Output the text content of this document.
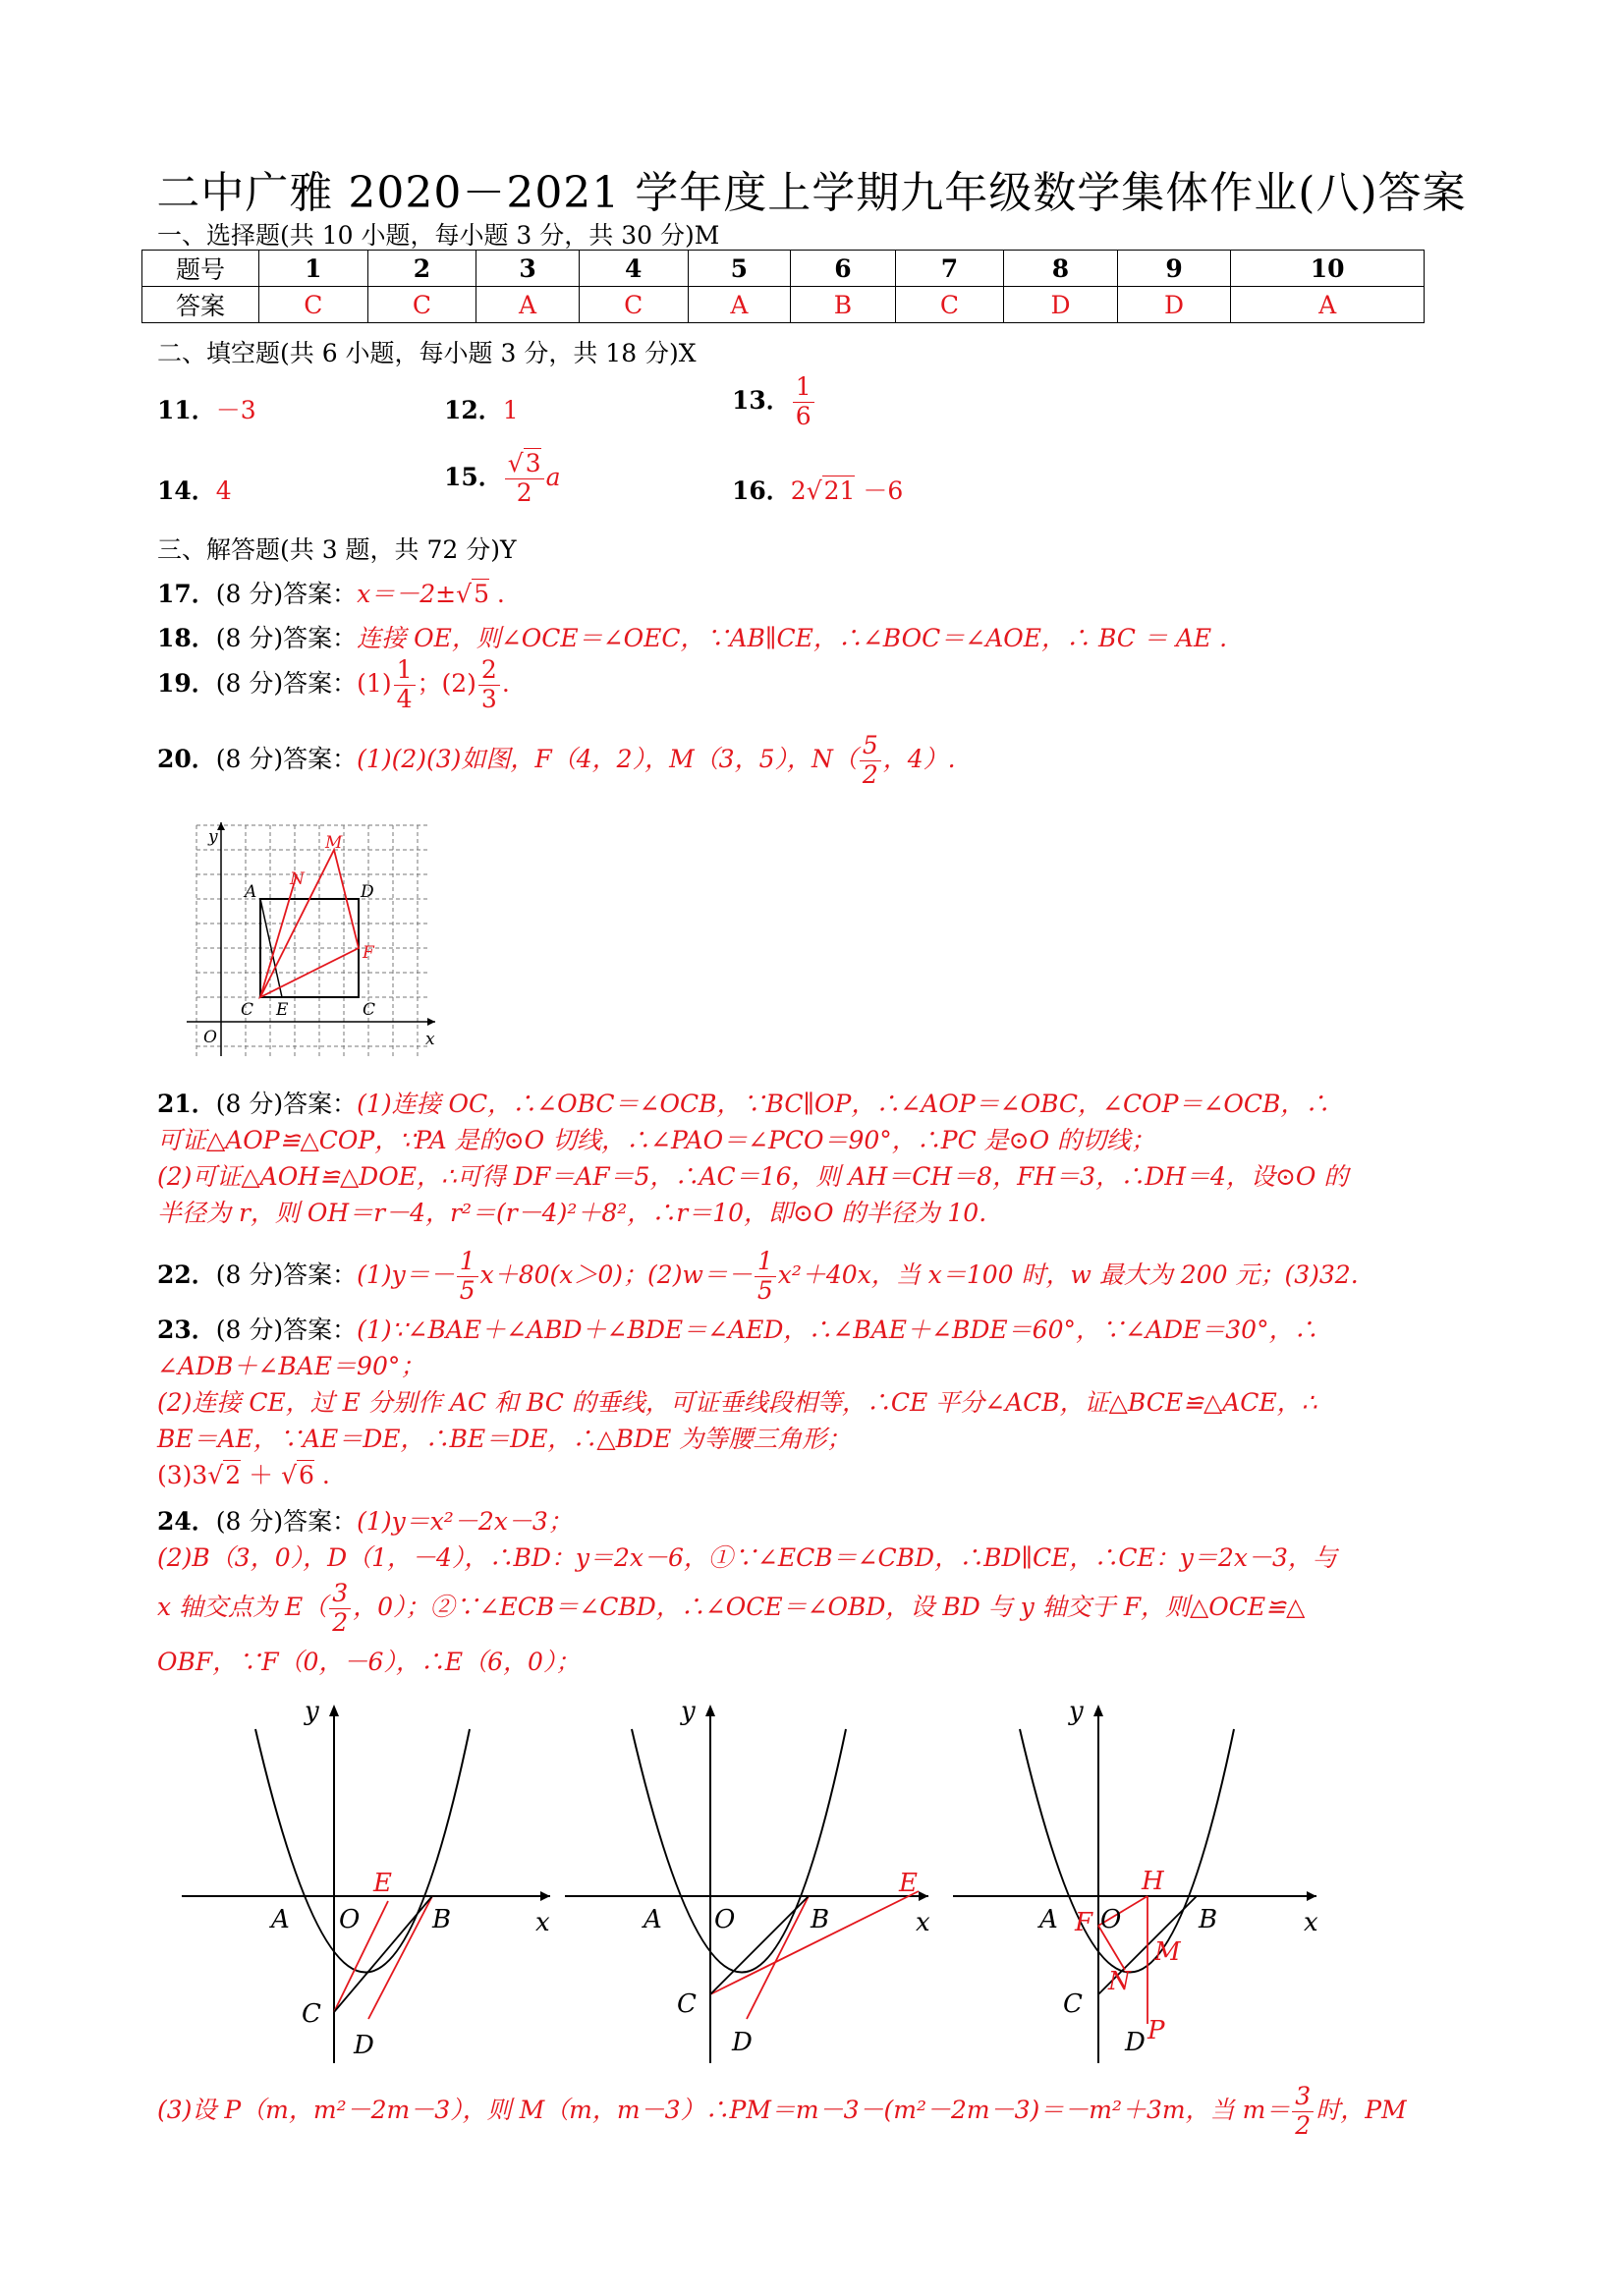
二中广雅 2020－2021 学年度上学期九年级数学集体作业(八)答案
一、选择题(共 10 小题，每小题 3 分，共 30 分)M
题号	1	2	3	4	5	6	7	8	9	10
答案	C	C	A	C	A	B	C	D	D	A
二、填空题(共 6 小题，每小题 3 分，共 18 分)X
11．－3	12．1	13． $\frac{1}{6}$
14．4	15． $\frac{√3}{2}$ a	16．2√21 －6
三、解答题(共 3 题，共 72 分)Y
17．(8 分)答案：x＝－2±√5 .
18．(8 分)答案：连接 OE，则∠OCE＝∠OEC，∵AB∥CE，∴∠BOC＝∠AOE，∴ BC ＝ AE .
19．(8 分)答案：$(1) \frac{1}{4}$ ；$(2) \frac{2}{3}$ .
20．(8 分)答案：(1)(2)(3)如图，F（4，2），M（3，5），$N( \frac{5}{2}$ ，4）.
y
x
O
A
C	C
D
E
F
M
N

21．(8 分)答案：(1)连接 OC，∴∠OBC＝∠OCB，∵BC∥OP，∴∠AOP＝∠OBC，∠COP＝∠OCB，∴

可证△AOP≌△COP，∵PA 是的⊙O 切线，∴∠PAO＝∠PCO＝90°，∴PC 是⊙O 的切线；

(2)可证△AOH≌△DOE，∴可得 DF＝AF＝5，∴AC＝16，则 AH＝CH＝8，FH＝3，∴DH＝4，设⊙O 的

半径为 r，则 OH＝r－4，r²＝(r－4)²＋8²，∴r＝10，即⊙O 的半径为 10.

22．(8 分)答案：$(1)y=- \frac{1}{5} x+80(x>0)$；$(2)w=- \frac{1}{5} x^2+40x$，当 x＝100 时，w 最大为 200 元；(3)32.

23．(8 分)答案：(1)∵∠BAE＋∠ABD＋∠BDE＝∠AED，∴∠BAE＋∠BDE＝60°，∵∠ADE＝30°，∴

∠ADB＋∠BAE＝90°；

(2)连接 CE，过 E 分别作 AC 和 BC 的垂线，可证垂线段相等，∴CE 平分∠ACB，证△BCE≌△ACE，∴

BE＝AE，∵AE＝DE，∴BE＝DE，∴△BDE 为等腰三角形；

(3)3√2 ＋ √6 .

24．(8 分)答案：(1)y＝x²－2x－3；

(2)B（3，0），D（1，－4），∴BD：y＝2x－6，①∵∠ECB＝∠CBD，∴BD∥CE，∴CE：y＝2x－3，与

x 轴交点为 $E( \frac{3}{2}$ ，0）；②∵∠ECB＝∠CBD，∴∠OCE＝∠OBD，设 BD 与 y 轴交于 F，则△OCE≌△

OBF，∵F（0，－6），∴E（6，0）；

y
x
A O	B
C
D
E
y
x
A O	B
C
D
E
y
x
A O	B
C
D
H
F
M
N
P
(3)设 P（m，m²－2m－3），则 M（m，m－3）∴PM＝m－3－(m²－2m－3)＝－m²＋3m，当 $m= \frac{3}{2}$ 时，PM
